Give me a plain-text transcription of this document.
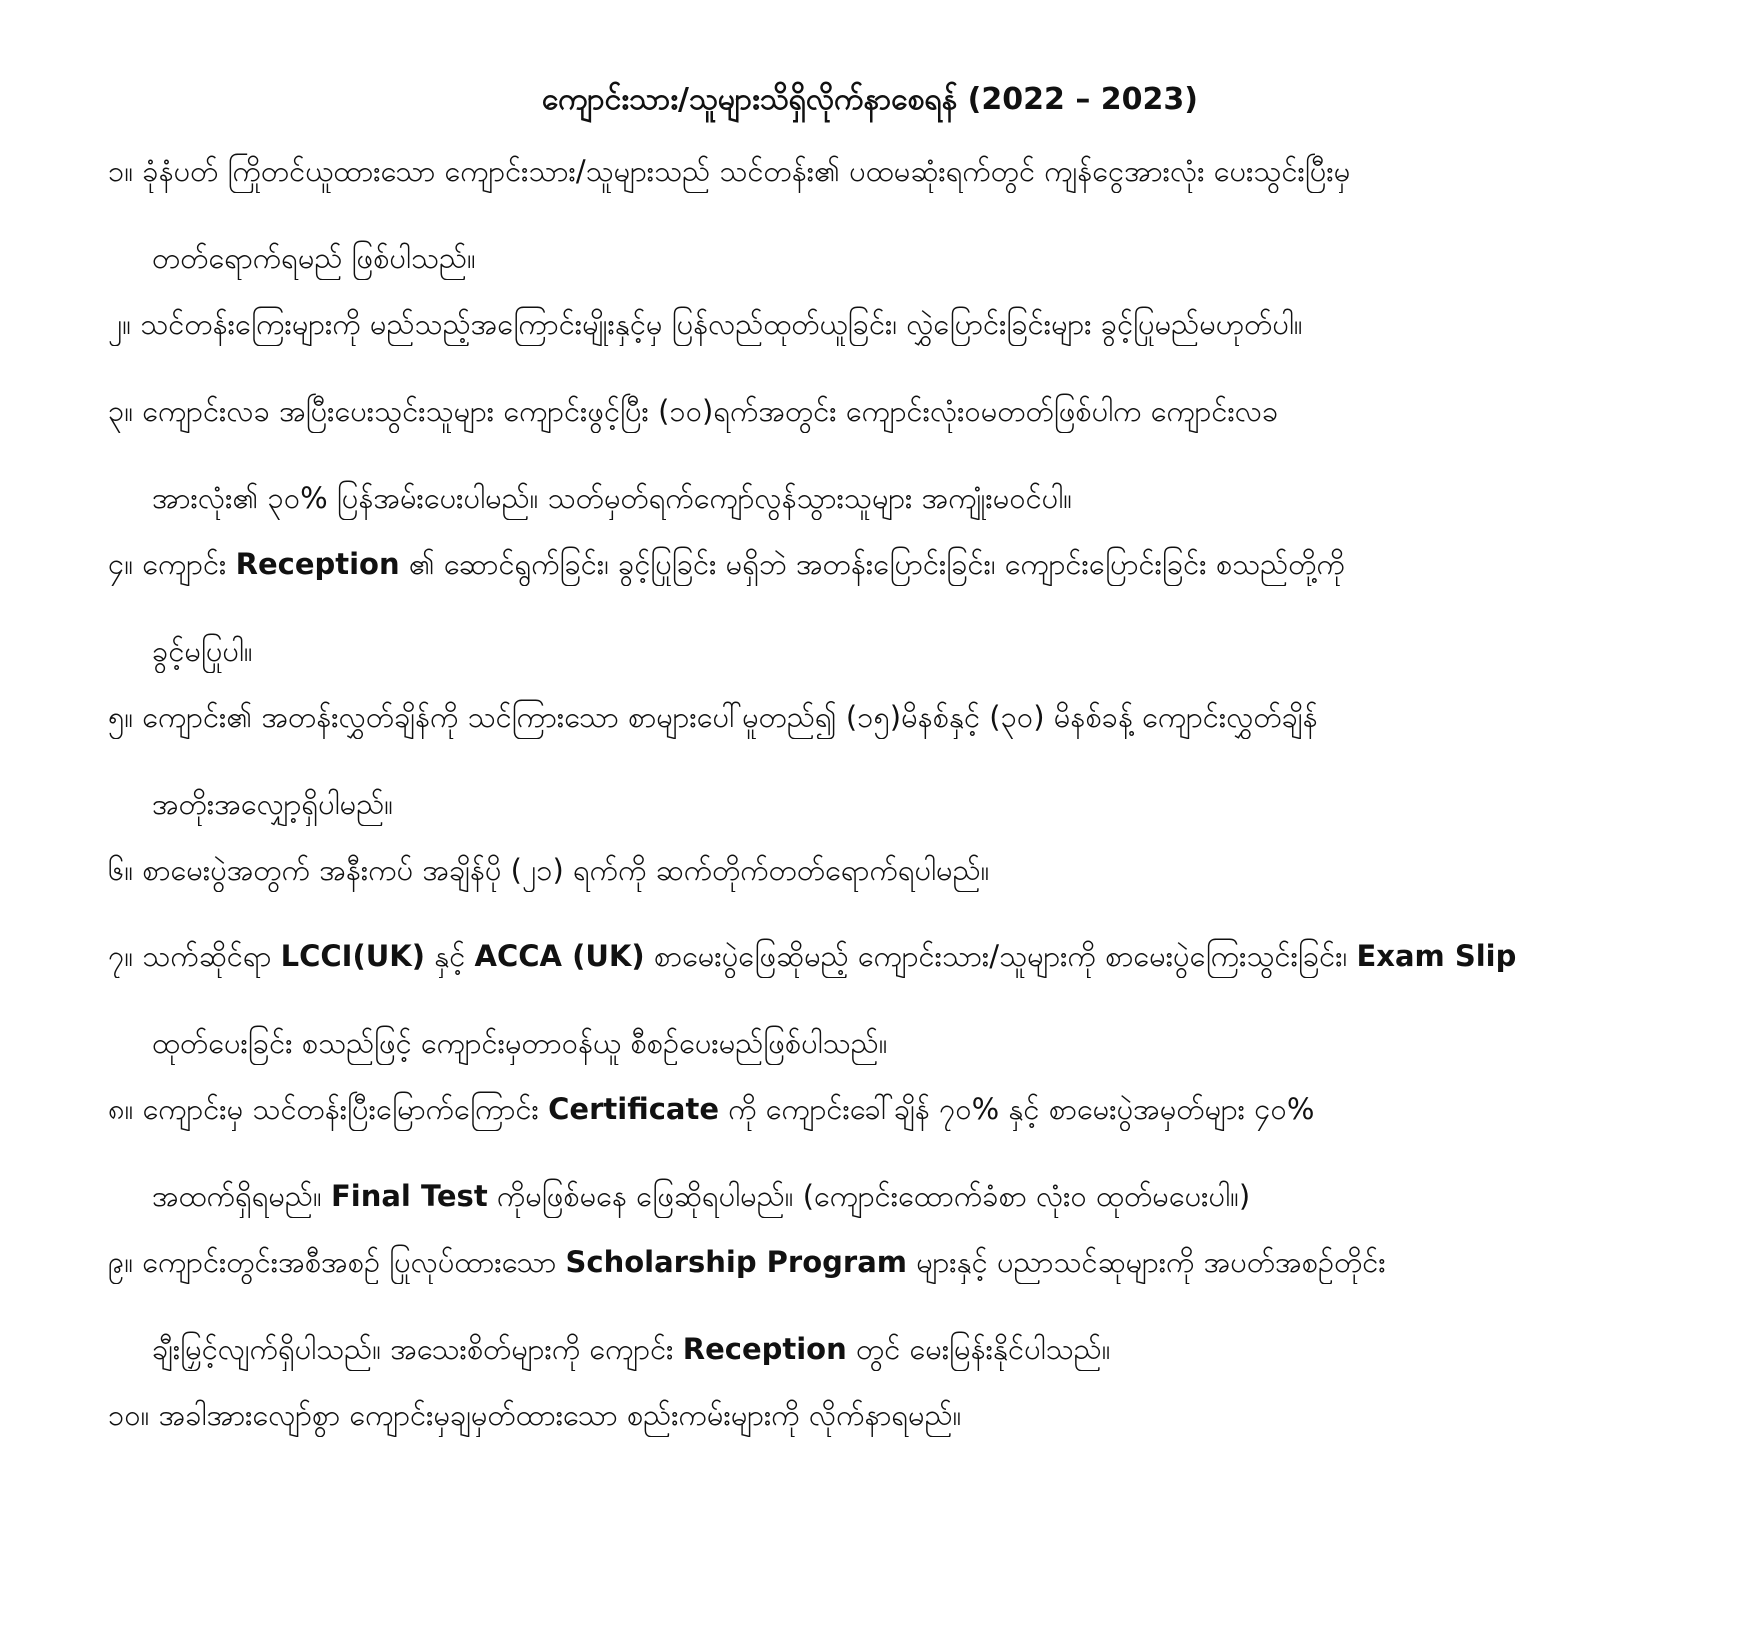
ကျောင်းသား/သူများသိရှိလိုက်နာစေရန် (2022 – 2023)
၁။ ခုံနံပတ် ကြိုတင်ယူထားသော ကျောင်းသား/သူများသည် သင်တန်း၏ ပထမဆုံးရက်တွင် ကျန်ငွေအားလုံး ပေးသွင်းပြီးမှ
တတ်ရောက်ရမည် ဖြစ်ပါသည်။
၂။ သင်တန်းကြေးများကို မည်သည့်အကြောင်းမျိုးနှင့်မှ ပြန်လည်ထုတ်ယူခြင်း၊ လွှဲပြောင်းခြင်းများ ခွင့်ပြုမည်မဟုတ်ပါ။
၃။ ကျောင်းလခ အပြီးပေးသွင်းသူများ ကျောင်းဖွင့်ပြီး (၁၀)ရက်အတွင်း ကျောင်းလုံးဝမတတ်ဖြစ်ပါက ကျောင်းလခ
အားလုံး၏ ၃၀% ပြန်အမ်းပေးပါမည်။ သတ်မှတ်ရက်ကျော်လွန်သွားသူများ အကျုံးမဝင်ပါ။
၄။ ကျောင်း Reception ၏ ဆောင်ရွက်ခြင်း၊ ခွင့်ပြုခြင်း မရှိဘဲ အတန်းပြောင်းခြင်း၊ ကျောင်းပြောင်းခြင်း စသည်တို့ကို
ခွင့်မပြုပါ။
၅။ ကျောင်း၏ အတန်းလွှတ်ချိန်ကို သင်ကြားသော စာများပေါ်မူတည်၍ (၁၅)မိနစ်နှင့် (၃၀) မိနစ်ခန့် ကျောင်းလွှတ်ချိန်
အတိုးအလျှော့ရှိပါမည်။
၆။ စာမေးပွဲအတွက် အနီးကပ် အချိန်ပို (၂၁) ရက်ကို ဆက်တိုက်တတ်ရောက်ရပါမည်။
၇။ သက်ဆိုင်ရာ LCCI(UK) နှင့် ACCA (UK) စာမေးပွဲဖြေဆိုမည့် ကျောင်းသား/သူများကို စာမေးပွဲကြေးသွင်းခြင်း၊ Exam Slip
ထုတ်ပေးခြင်း စသည်ဖြင့် ကျောင်းမှတာဝန်ယူ စီစဉ်ပေးမည်ဖြစ်ပါသည်။
၈။ ကျောင်းမှ သင်တန်းပြီးမြောက်ကြောင်း Certificate ကို ကျောင်းခေါ်ချိန် ၇၀% နှင့် စာမေးပွဲအမှတ်များ ၄၀%
အထက်ရှိရမည်။ Final Test ကိုမဖြစ်မနေ ဖြေဆိုရပါမည်။ (ကျောင်းထောက်ခံစာ လုံးဝ ထုတ်မပေးပါ။)
၉။ ကျောင်းတွင်းအစီအစဉ် ပြုလုပ်ထားသော Scholarship Program များနှင့် ပညာသင်ဆုများကို အပတ်အစဉ်တိုင်း
ချီးမြှင့်လျက်ရှိပါသည်။ အသေးစိတ်များကို ကျောင်း Reception တွင် မေးမြန်းနိုင်ပါသည်။
၁၀။ အခါအားလျော်စွာ ကျောင်းမှချမှတ်ထားသော စည်းကမ်းများကို လိုက်နာရမည်။
